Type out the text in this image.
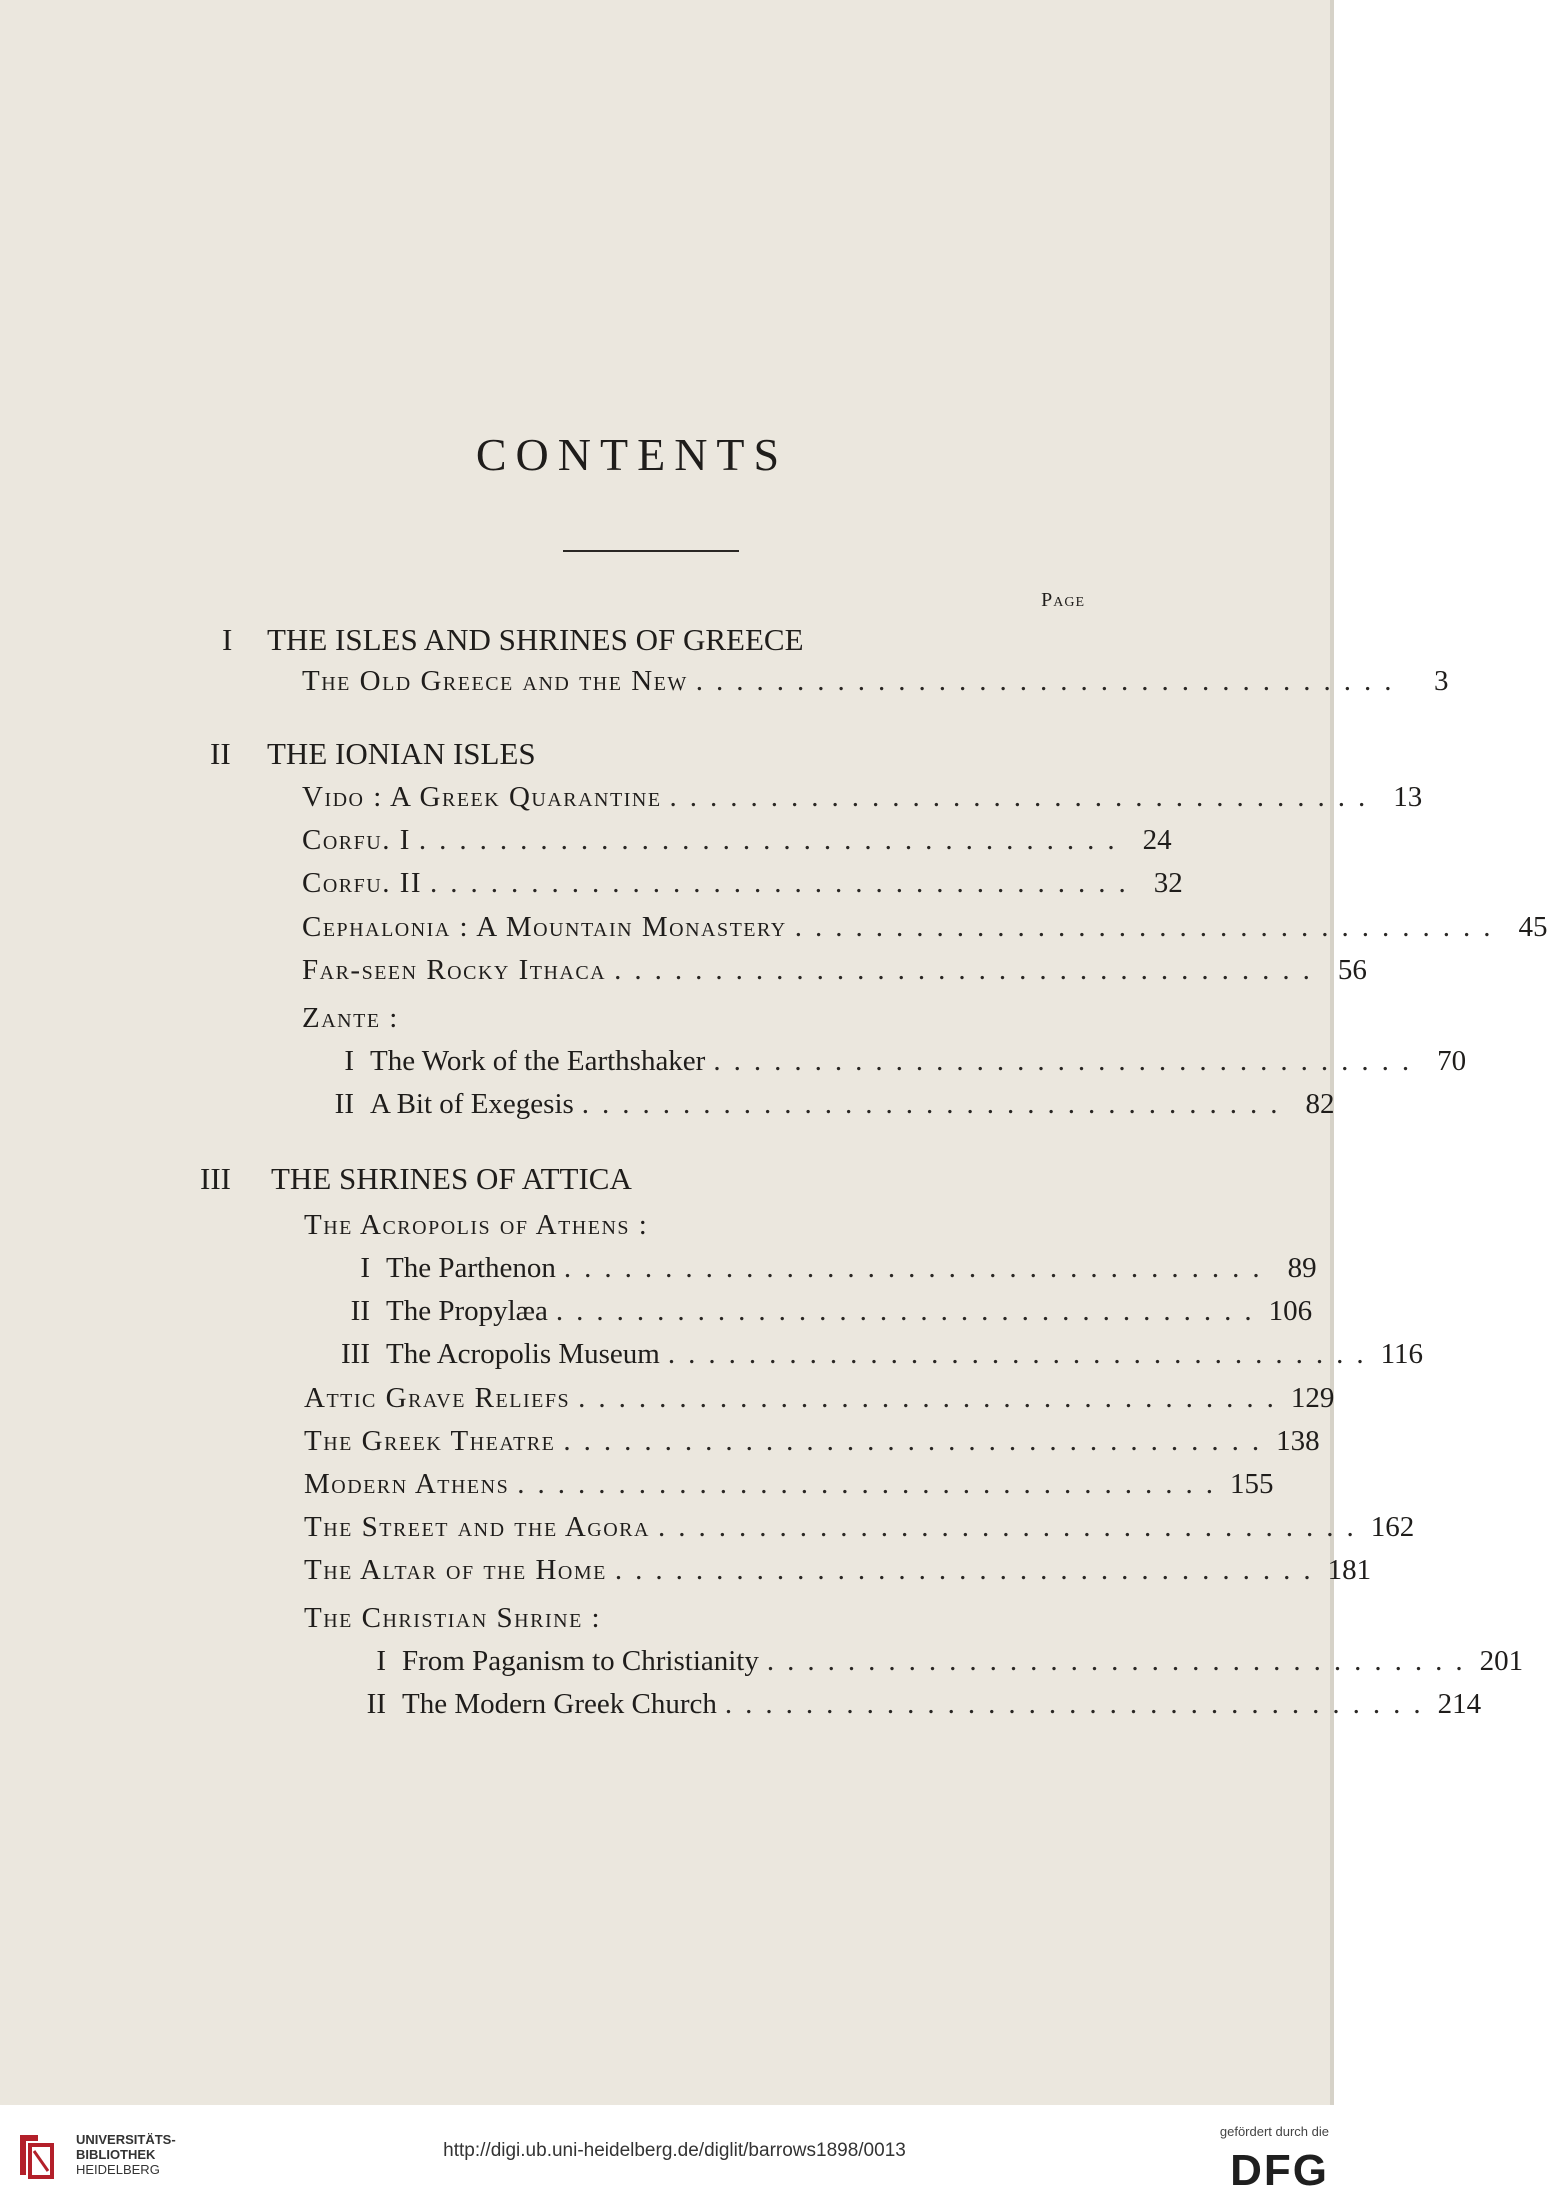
CONTENTS
Page
I THE ISLES AND SHRINES OF GREECE
The Old Greece and the New ...................................	3
II THE IONIAN ISLES
Vido : A Greek Quarantine ................................... 13
Corfu. I ................................... 24
Corfu. II ................................... 32
Cephalonia : A Mountain Monastery ................................... 45
Far-seen Rocky Ithaca ................................... 56
Zante :
I The Work of the Earthshaker ................................... 70
II A Bit of Exegesis ................................... 82
III THE SHRINES OF ATTICA
The Acropolis of Athens :
I The Parthenon ................................... 89
II The Propylæa ................................... 106
III The Acropolis Museum ................................... 116
Attic Grave Reliefs ................................... 129
The Greek Theatre ................................... 138
Modern Athens ................................... 155
The Street and the Agora ................................... 162
The Altar of the Home ................................... 181
The Christian Shrine :
I From Paganism to Christianity ................................... 201
II The Modern Greek Church ................................... 214
UNIVERSITÄTS-
BIBLIOTHEK
HEIDELBERG
http://digi.ub.uni-heidelberg.de/diglit/barrows1898/0013
gefördert durch die
DFG
